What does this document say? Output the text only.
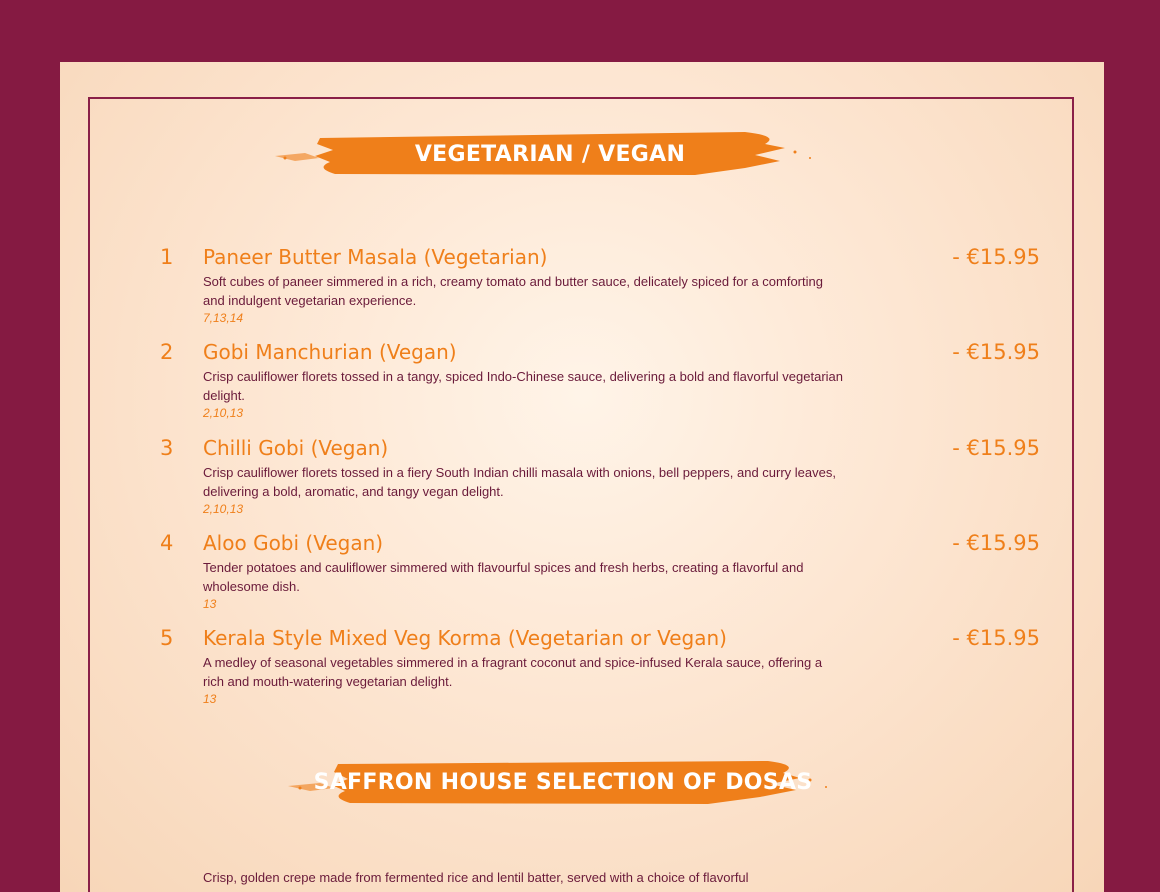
VEGETARIAN / VEGAN
1 Paneer Butter Masala (Vegetarian)	- €15.95
Soft cubes of paneer simmered in a rich, creamy tomato and butter sauce, delicately spiced for a comforting and indulgent vegetarian experience.
7,13,14
2 Gobi Manchurian (Vegan)	- €15.95
Crisp cauliflower florets tossed in a tangy, spiced Indo-Chinese sauce, delivering a bold and flavorful vegetarian delight.
2,10,13
3 Chilli Gobi (Vegan)	- €15.95
Crisp cauliflower florets tossed in a fiery South Indian chilli masala with onions, bell peppers, and curry leaves, delivering a bold, aromatic, and tangy vegan delight.
2,10,13
4 Aloo Gobi (Vegan)	- €15.95
Tender potatoes and cauliflower simmered with flavourful spices and fresh herbs, creating a flavorful and wholesome dish.
13
5 Kerala Style Mixed Veg Korma (Vegetarian or Vegan)	- €15.95
A medley of seasonal vegetables simmered in a fragrant coconut and spice-infused Kerala sauce, offering a rich and mouth-watering vegetarian delight.
13
SAFFRON HOUSE SELECTION OF DOSAS
Crisp, golden crepe made from fermented rice and lentil batter, served with a choice of flavorful
